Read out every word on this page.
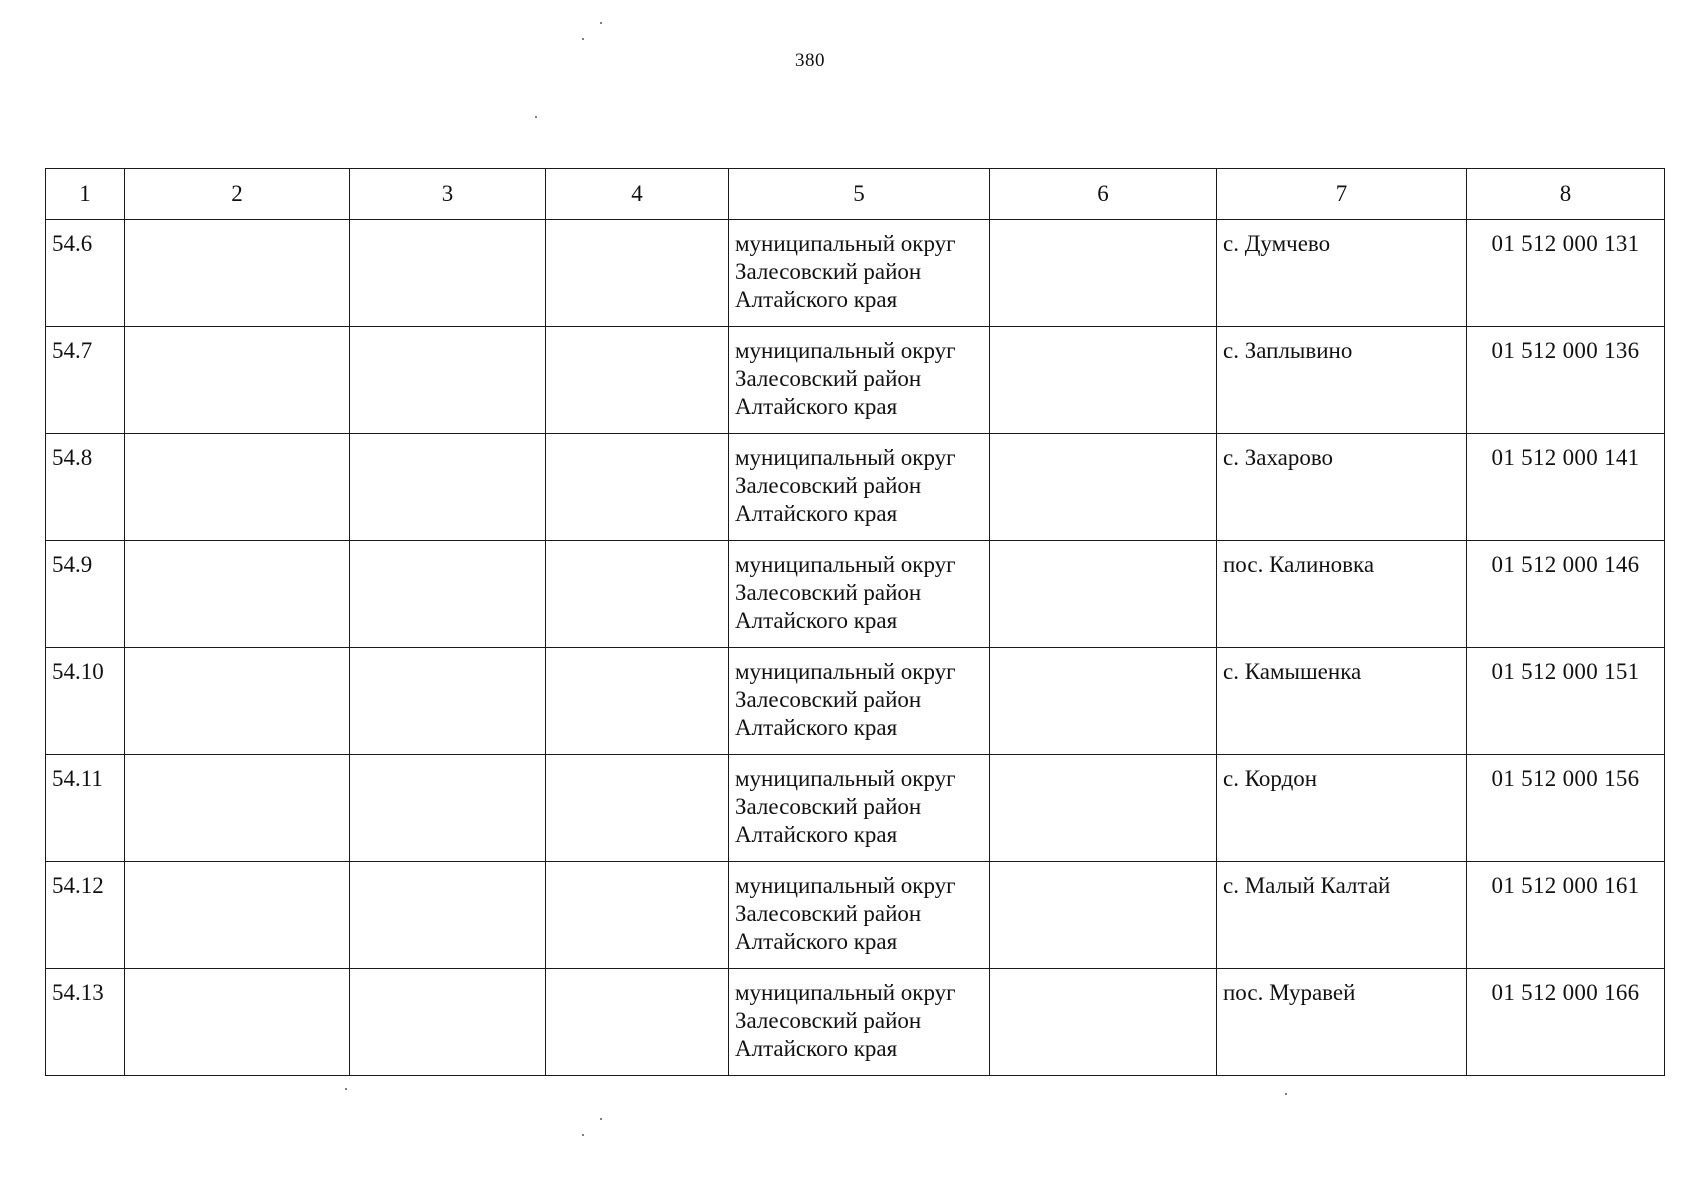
380
1	2	3	4	5	6	7	8
54.6				муниципальный округ Залесовский район Алтайского края		с. Думчево	01 512 000 131
54.7				муниципальный округ Залесовский район Алтайского края		с. Заплывино	01 512 000 136
54.8				муниципальный округ Залесовский район Алтайского края		с. Захарово	01 512 000 141
54.9				муниципальный округ Залесовский район Алтайского края		пос. Калиновка	01 512 000 146
54.10				муниципальный округ Залесовский район Алтайского края		с. Камышенка	01 512 000 151
54.11				муниципальный округ Залесовский район Алтайского края		с. Кордон	01 512 000 156
54.12				муниципальный округ Залесовский район Алтайского края		с. Малый Калтай	01 512 000 161
54.13				муниципальный округ Залесовский район Алтайского края		пос. Муравей	01 512 000 166
